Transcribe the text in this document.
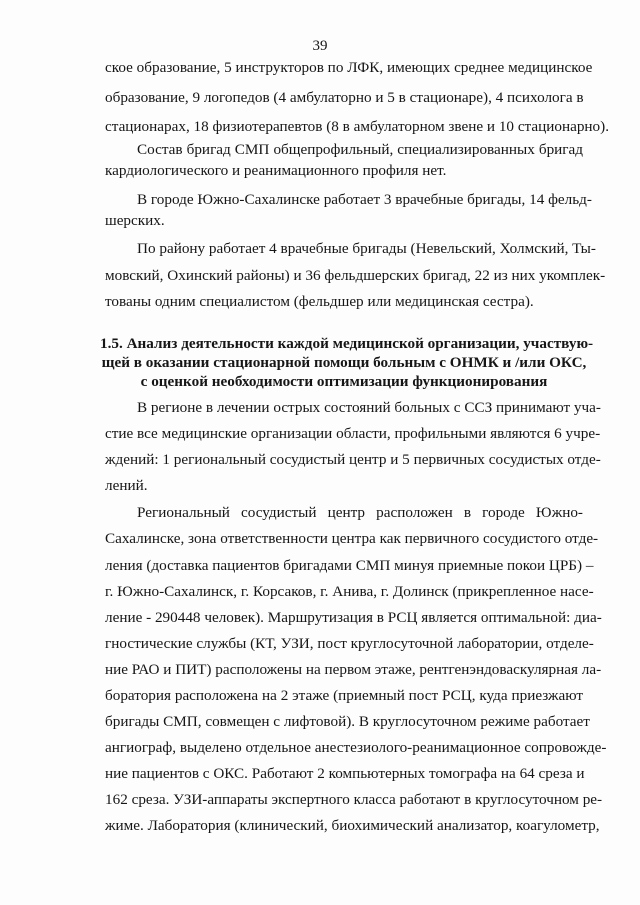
39
ское образование, 5 инструкторов по ЛФК, имеющих среднее медицинское
образование, 9 логопедов (4 амбулаторно и 5 в стационаре), 4 психолога в
стационарах, 18 физиотерапевтов (8 в амбулаторном звене и 10 стационарно).
Состав бригад СМП общепрофильный, специализированных бригад
кардиологического и реанимационного профиля нет.
В городе Южно-Сахалинске работает 3 врачебные бригады, 14 фельд-
шерских.
По району работает 4 врачебные бригады (Невельский, Холмский, Ты-
мовский, Охинский районы) и 36 фельдшерских бригад, 22 из них укомплек-
тованы одним специалистом (фельдшер или медицинская сестра).
1.5. Анализ деятельности каждой медицинской организации, участвую-
щей в оказании стационарной помощи больным с ОНМК и /или ОКС,
с оценкой необходимости оптимизации функционирования
В регионе в лечении острых состояний больных с ССЗ принимают уча-
стие все медицинские организации области, профильными являются 6 учре-
ждений: 1 региональный сосудистый центр и 5 первичных сосудистых отде-
лений.
Региональный сосудистый центр расположен в городе Южно-
Сахалинске, зона ответственности центра как первичного сосудистого отде-
ления (доставка пациентов бригадами СМП минуя приемные покои ЦРБ) –
г. Южно-Сахалинск, г. Корсаков, г. Анива, г. Долинск (прикрепленное насе-
ление - 290448 человек). Маршрутизация в РСЦ является оптимальной: диа-
гностические службы (КТ, УЗИ, пост круглосуточной лаборатории, отделе-
ние РАО и ПИТ) расположены на первом этаже, рентгенэндоваскулярная ла-
боратория расположена на 2 этаже (приемный пост РСЦ, куда приезжают
бригады СМП, совмещен с лифтовой). В круглосуточном режиме работает
ангиограф, выделено отдельное анестезиолого-реанимационное сопровожде-
ние пациентов с ОКС. Работают 2 компьютерных томографа на 64 среза и
162 среза. УЗИ-аппараты экспертного класса работают в круглосуточном ре-
жиме. Лаборатория (клинический, биохимический анализатор, коагулометр,
